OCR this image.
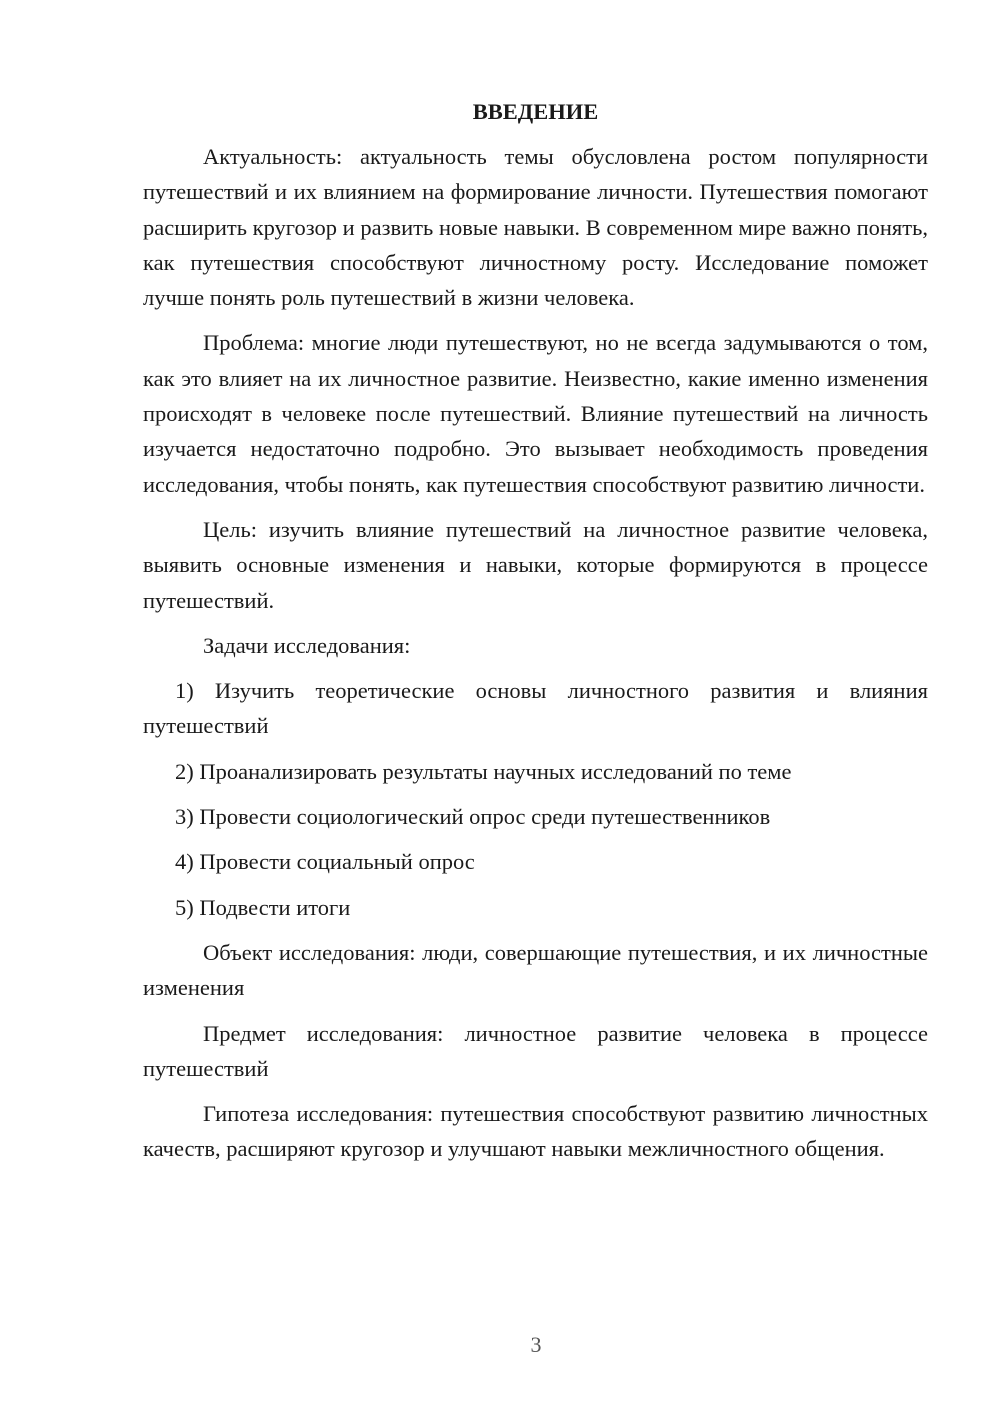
ВВЕДЕНИЕ

Актуальность: актуальность темы обусловлена ростом популярности путешествий и их влиянием на формирование личности. Путешествия помогают расширить кругозор и развить новые навыки. В современном мире важно понять, как путешествия способствуют личностному росту. Исследование поможет лучше понять роль путешествий в жизни человека.

Проблема: многие люди путешествуют, но не всегда задумываются о том, как это влияет на их личностное развитие. Неизвестно, какие именно изменения происходят в человеке после путешествий. Влияние путешествий на личность изучается недостаточно подробно. Это вызывает необходимость проведения исследования, чтобы понять, как путешествия способствуют развитию личности.

Цель: изучить влияние путешествий на личностное развитие человека, выявить основные изменения и навыки, которые формируются в процессе путешествий.

Задачи исследования:

1) Изучить теоретические основы личностного развития и влияния путешествий

2) Проанализировать результаты научных исследований по теме

3) Провести социологический опрос среди путешественников

4) Провести социальный опрос

5) Подвести итоги

Объект исследования: люди, совершающие путешествия, и их личностные изменения

Предмет исследования: личностное развитие человека в процессе путешествий

Гипотеза исследования: путешествия способствуют развитию личностных качеств, расширяют кругозор и улучшают навыки межличностного общения.

3
